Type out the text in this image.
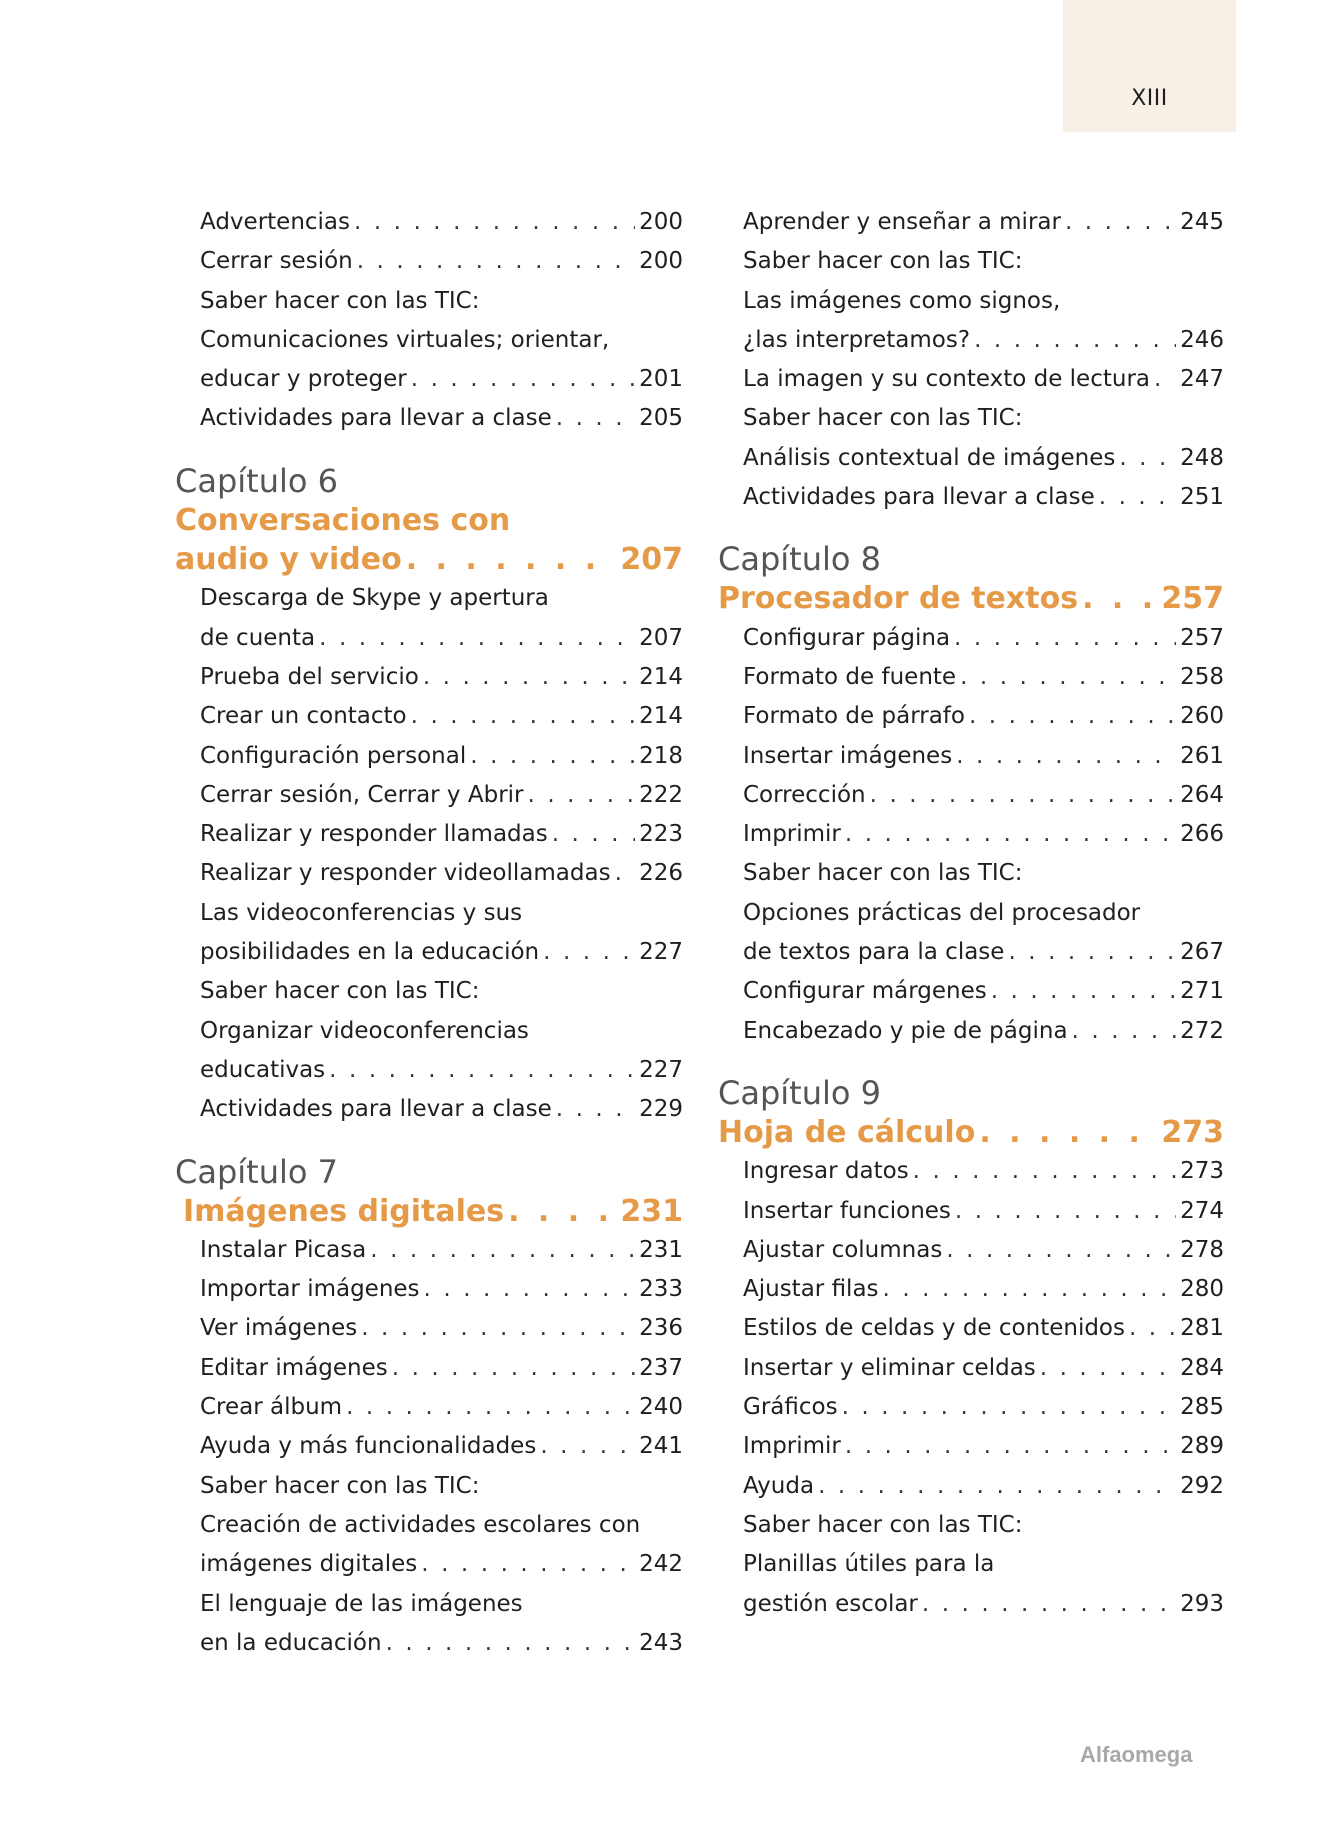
XIII
Advertencias . . .	200
Cerrar sesión . . .	200
Saber hacer con las TIC:
Comunicaciones virtuales; orientar,
educar y proteger . . .	201
Actividades para llevar a clase . . .	205
Capítulo 6
Conversaciones con
audio y video . . .	207
Descarga de Skype y apertura
de cuenta . . .	207
Prueba del servicio . . .	214
Crear un contacto . . .	214
Configuración personal . . .	218
Cerrar sesión, Cerrar y Abrir . . .	222
Realizar y responder llamadas . . .	223
Realizar y responder videollamadas . . . 226
Las videoconferencias y sus
posibilidades en la educación . . .	227
Saber hacer con las TIC:
Organizar videoconferencias
educativas . . .	227
Actividades para llevar a clase . . .	229
Capítulo 7
Imágenes digitales . . .	231
Instalar Picasa . . .	231
Importar imágenes . . .	233
Ver imágenes . . .	236
Editar imágenes . . .	237
Crear álbum . . .	240
Ayuda y más funcionalidades . . .	241
Saber hacer con las TIC:
Creación de actividades escolares con
imágenes digitales . . .	242
El lenguaje de las imágenes
en la educación . . .	243
Aprender y enseñar a mirar . . .	245
Saber hacer con las TIC:
Las imágenes como signos,
¿las interpretamos? . . .	246
La imagen y su contexto de lectura . . . 247
Saber hacer con las TIC:
Análisis contextual de imágenes . . .	248
Actividades para llevar a clase . . .	251
Capítulo 8
Procesador de textos . . .	257
Configurar página . . .	257
Formato de fuente . . .	258
Formato de párrafo . . .	260
Insertar imágenes . . .	261
Corrección . . .	264
Imprimir . . .	266
Saber hacer con las TIC:
Opciones prácticas del procesador
de textos para la clase . . .	267
Configurar márgenes . . .	271
Encabezado y pie de página . . .	272
Capítulo 9
Hoja de cálculo . . .	273
Ingresar datos . . .	273
Insertar funciones . . .	274
Ajustar columnas . . .	278
Ajustar filas . . .	280
Estilos de celdas y de contenidos . . . 281
Insertar y eliminar celdas . . .	284
Gráficos . . .	285
Imprimir . . .	289
Ayuda . . .	292
Saber hacer con las TIC:
Planillas útiles para la
gestión escolar . . .	293
Alfaomega
